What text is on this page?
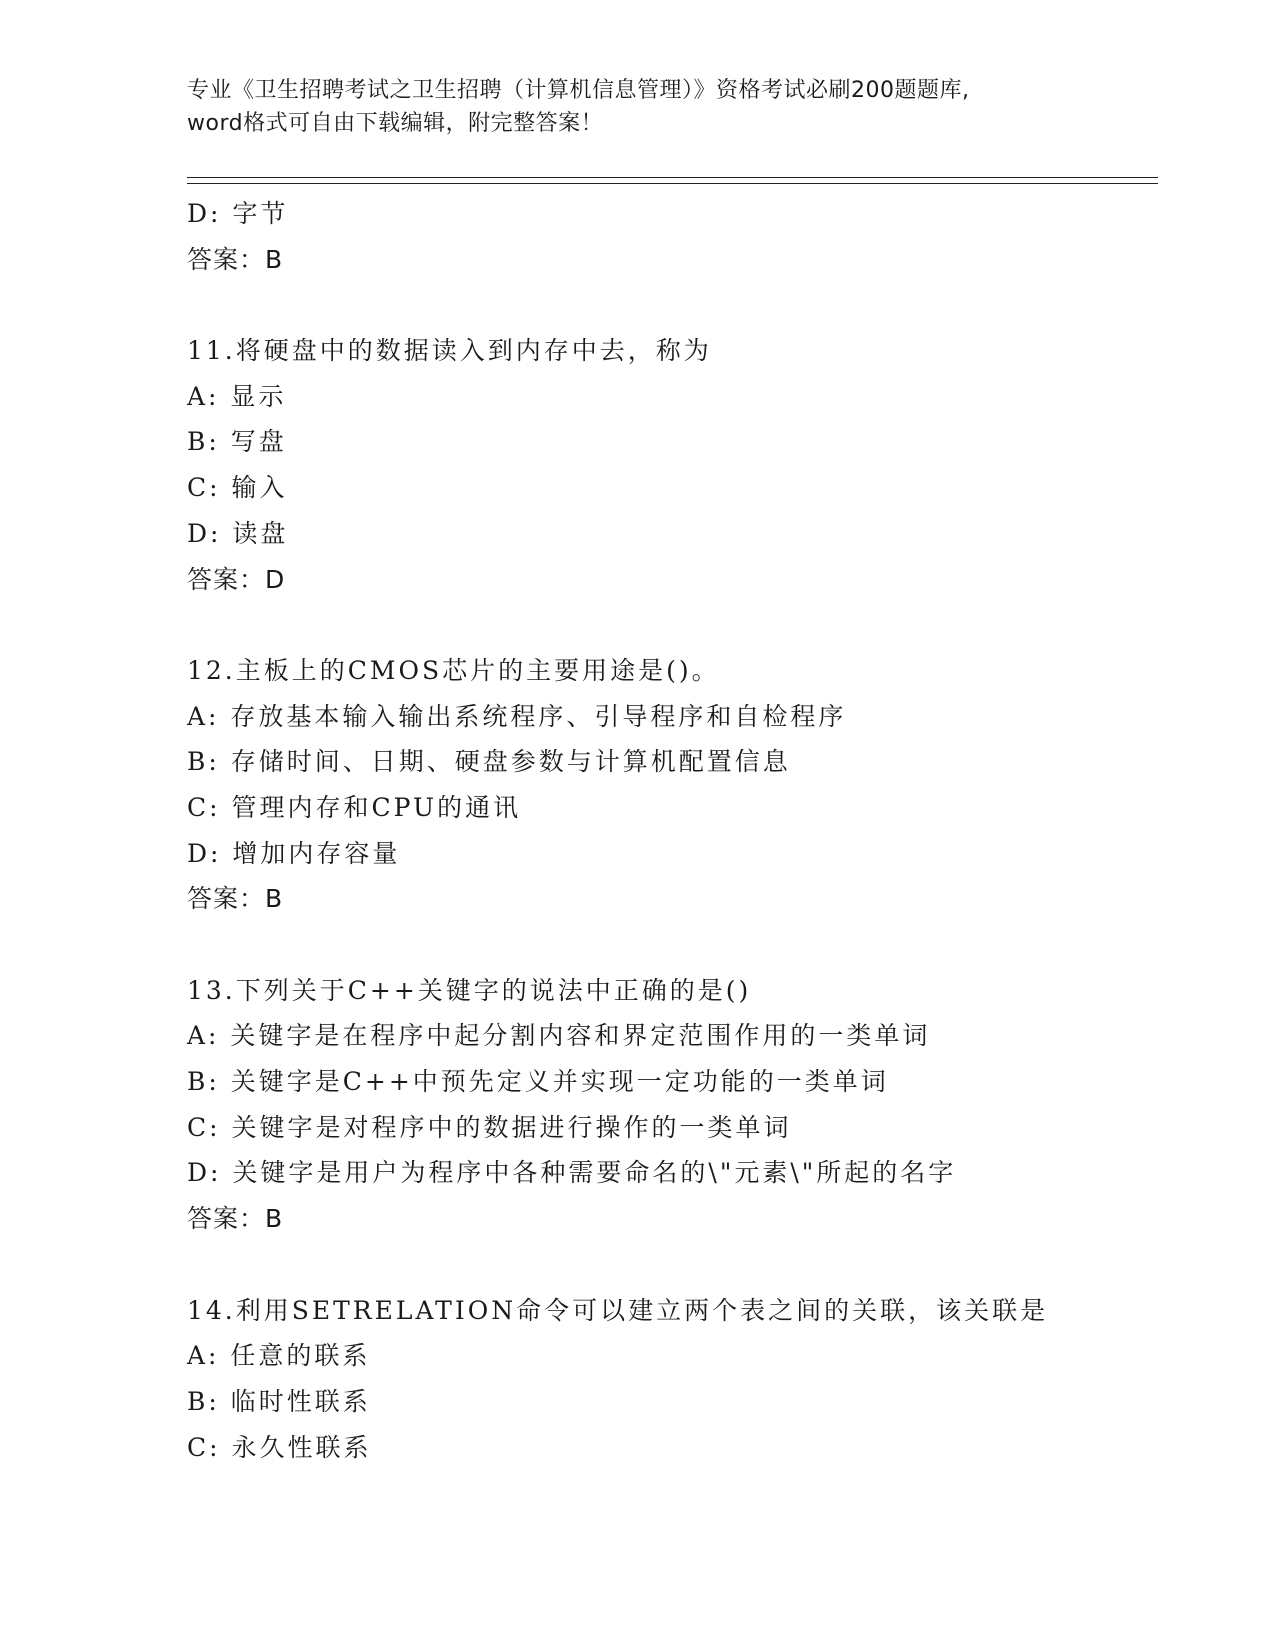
专业《卫生招聘考试之卫生招聘（计算机信息管理）》资格考试必刷200题题库,
word格式可自由下载编辑，附完整答案！
D: 字节
答案：B
11.将硬盘中的数据读入到内存中去，称为
A: 显示
B: 写盘
C: 输入
D: 读盘
答案：D
12.主板上的CMOS芯片的主要用途是()。
A: 存放基本输入输出系统程序、引导程序和自检程序
B: 存储时间、日期、硬盘参数与计算机配置信息
C: 管理内存和CPU的通讯
D: 增加内存容量
答案：B
13.下列关于C++关键字的说法中正确的是()
A: 关键字是在程序中起分割内容和界定范围作用的一类单词
B: 关键字是C++中预先定义并实现一定功能的一类单词
C: 关键字是对程序中的数据进行操作的一类单词
D: 关键字是用户为程序中各种需要命名的\"元素\"所起的名字
答案：B
14.利用SETRELATION命令可以建立两个表之间的关联，该关联是
A: 任意的联系
B: 临时性联系
C: 永久性联系
